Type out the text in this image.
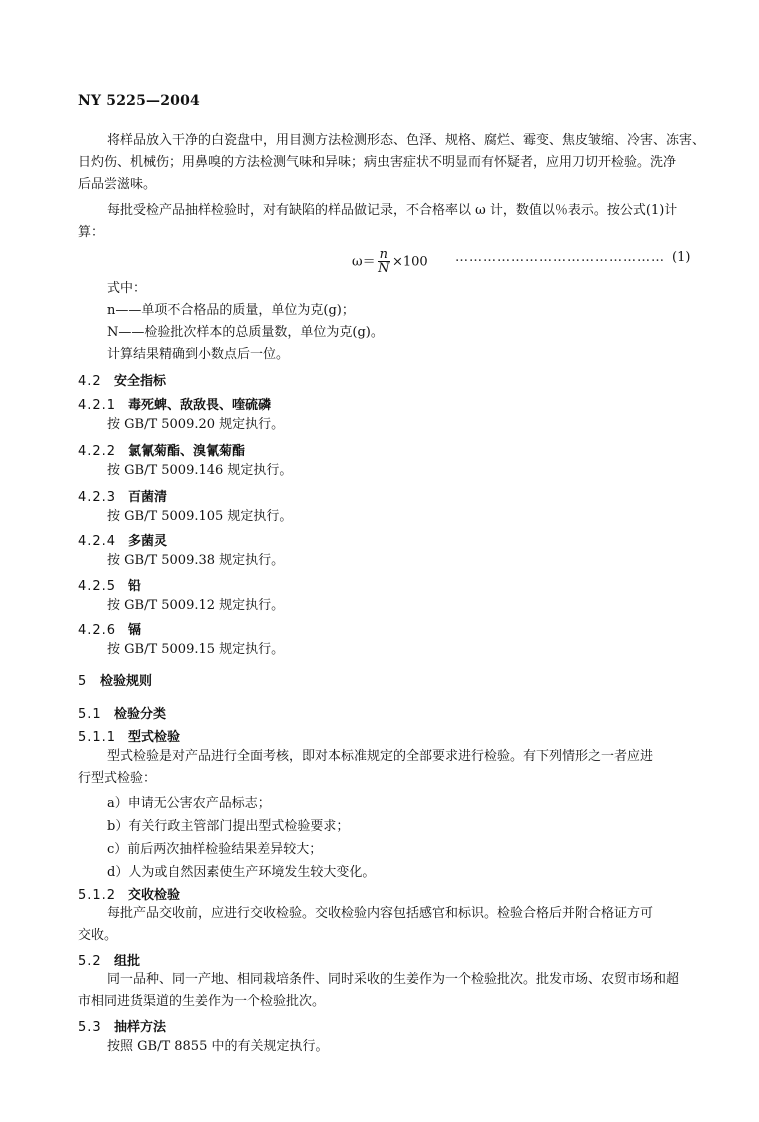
NY 5225—2004
将样品放入干净的白瓷盘中，用目测方法检测形态、色泽、规格、腐烂、霉变、焦皮皱缩、冷害、冻害、
日灼伤、机械伤；用鼻嗅的方法检测气味和异味；病虫害症状不明显而有怀疑者，应用刀切开检验。洗净
后品尝滋味。
每批受检产品抽样检验时，对有缺陷的样品做记录，不合格率以 ω 计，数值以％表示。按公式(1)计
算：
$\omega= \frac{n}{N} \times 100$ ……………………………………… (1)
式中：
n——单项不合格品的质量，单位为克(g)；
N——检验批次样本的总质量数，单位为克(g)。
计算结果精确到小数点后一位。
4.2 安全指标
4.2.1 毒死蜱、敌敌畏、喹硫磷
按 GB/T 5009.20 规定执行。
4.2.2 氯氰菊酯、溴氰菊酯
按 GB/T 5009.146 规定执行。
4.2.3 百菌清
按 GB/T 5009.105 规定执行。
4.2.4 多菌灵
按 GB/T 5009.38 规定执行。
4.2.5 铅
按 GB/T 5009.12 规定执行。
4.2.6 镉
按 GB/T 5009.15 规定执行。
5 检验规则
5.1 检验分类
5.1.1 型式检验
型式检验是对产品进行全面考核，即对本标准规定的全部要求进行检验。有下列情形之一者应进
行型式检验：
a）申请无公害农产品标志；
b）有关行政主管部门提出型式检验要求；
c）前后两次抽样检验结果差异较大；
d）人为或自然因素使生产环境发生较大变化。
5.1.2 交收检验
每批产品交收前，应进行交收检验。交收检验内容包括感官和标识。检验合格后并附合格证方可
交收。
5.2 组批
同一品种、同一产地、相同栽培条件、同时采收的生姜作为一个检验批次。批发市场、农贸市场和超
市相同进货渠道的生姜作为一个检验批次。
5.3 抽样方法
按照 GB/T 8855 中的有关规定执行。
